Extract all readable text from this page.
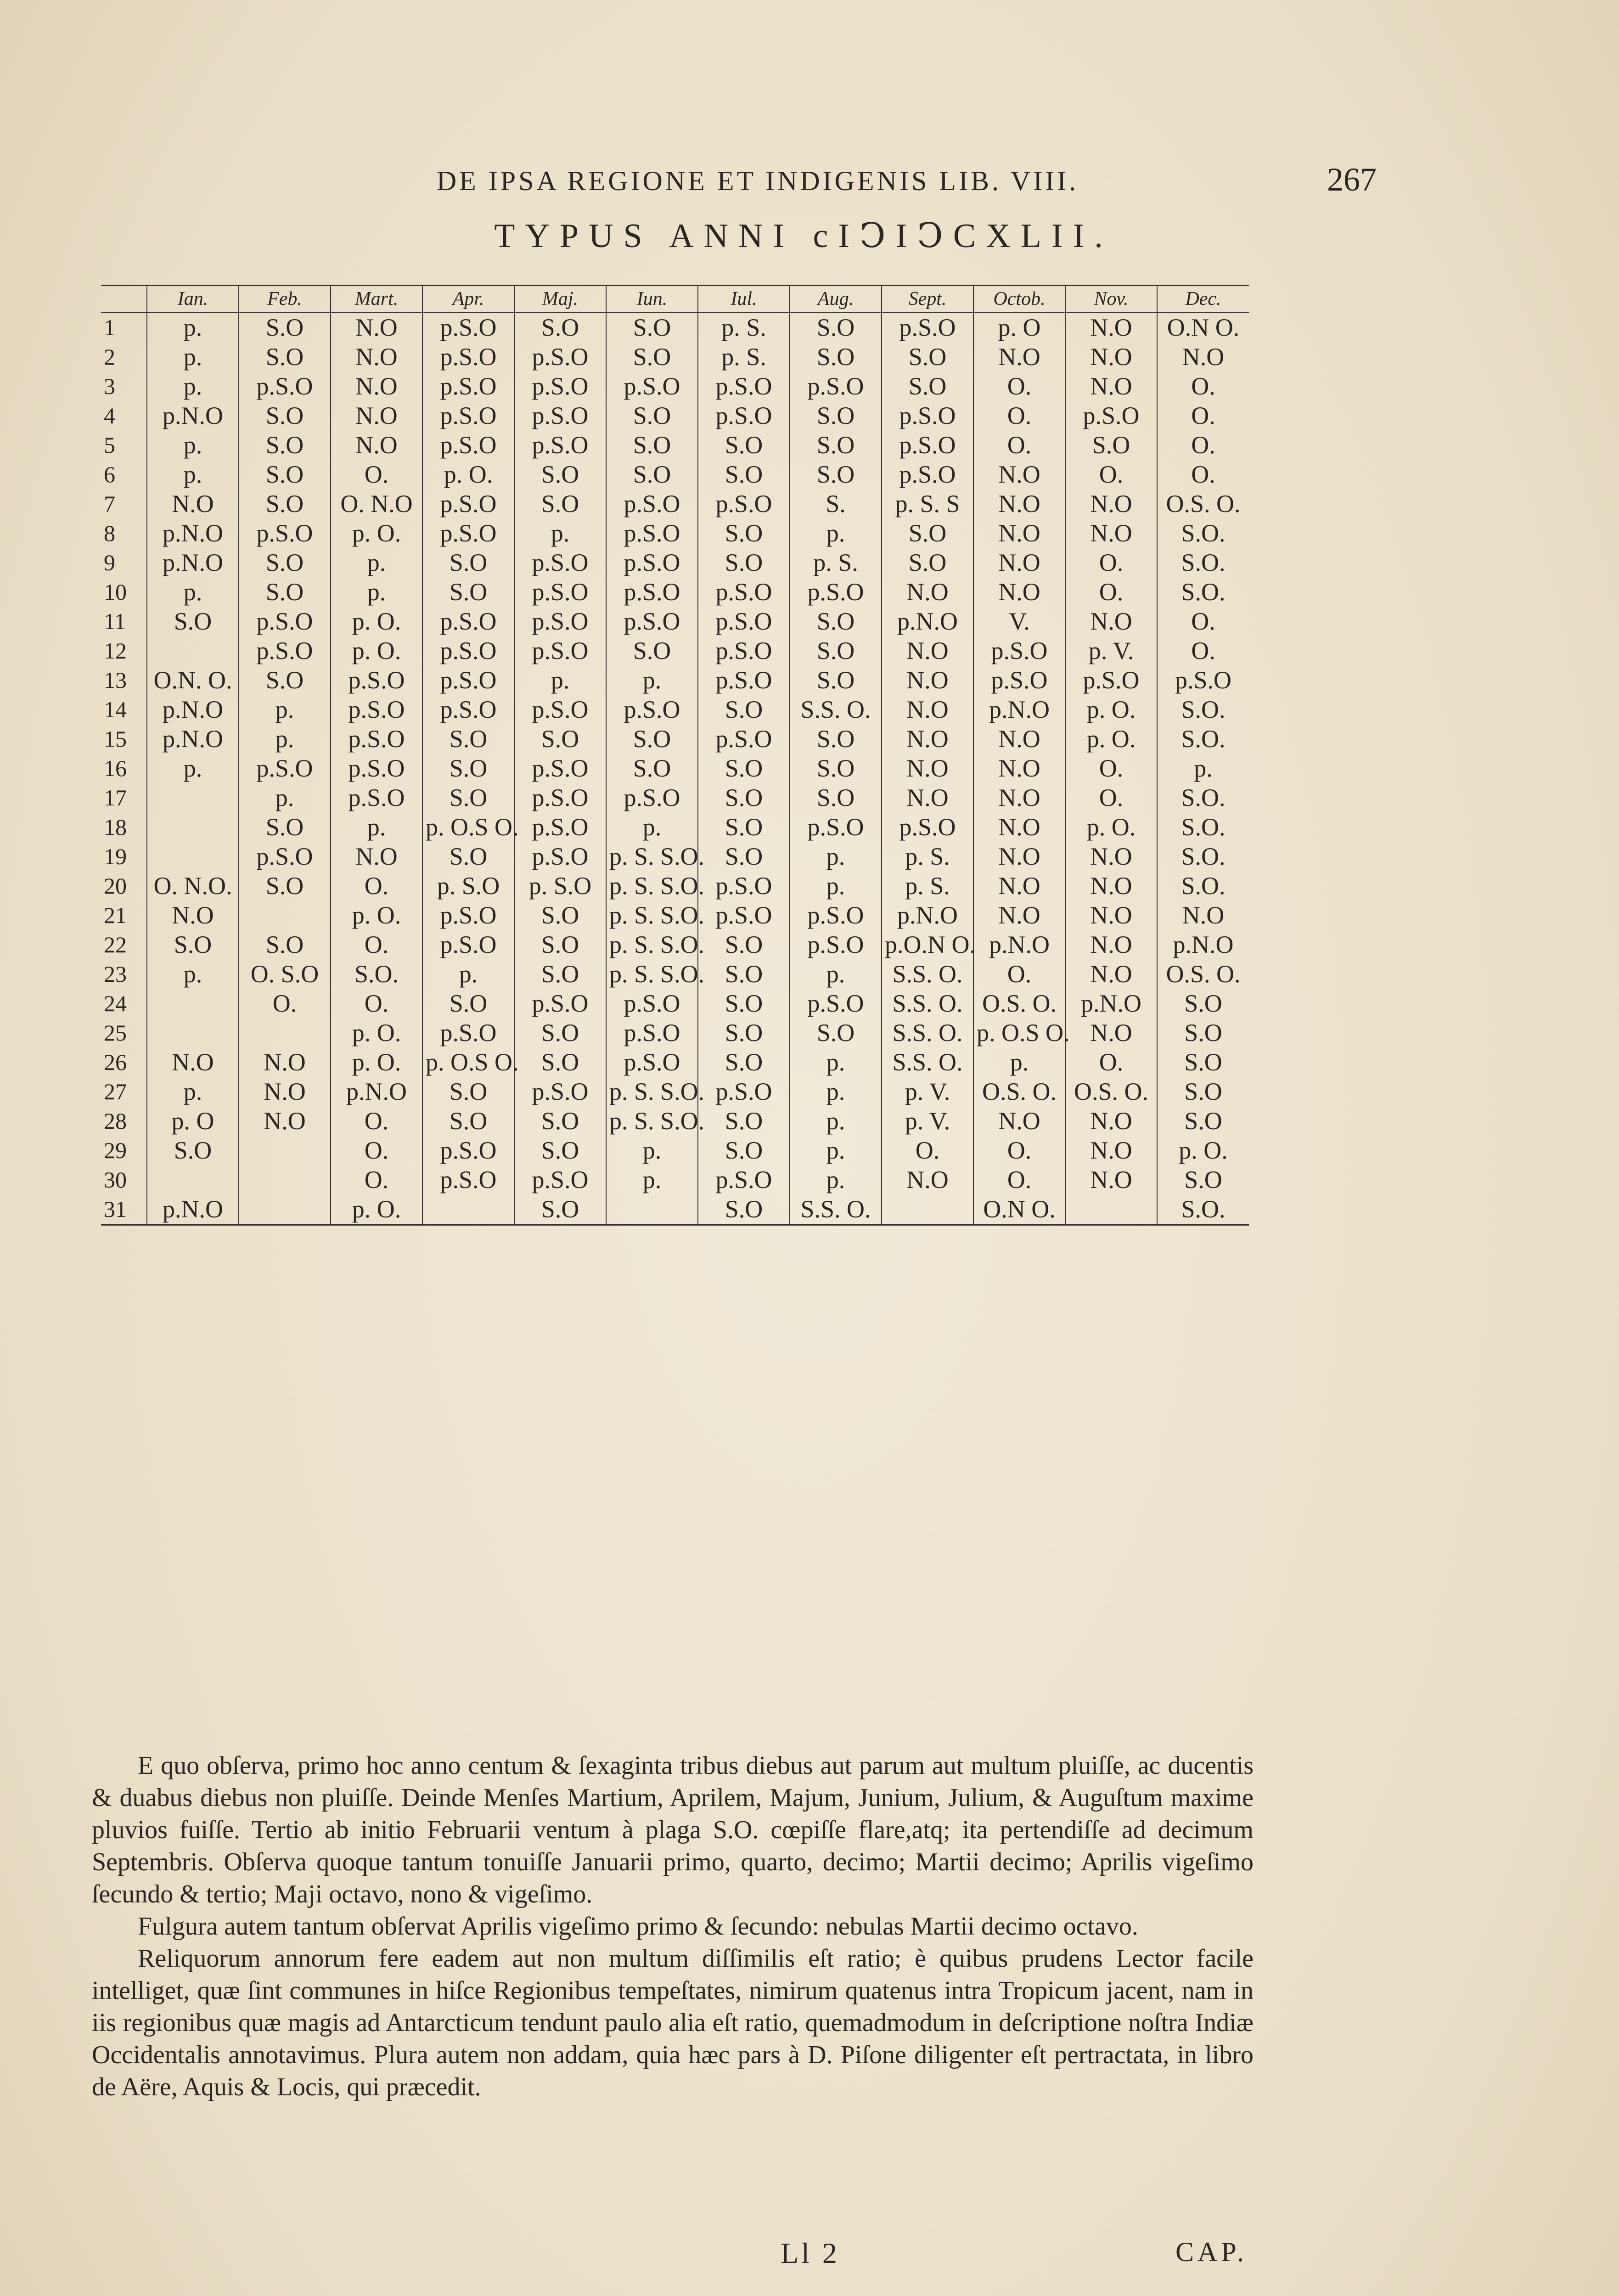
DE IPSA REGIONE ET INDIGENIS LIB. VIII.	267
TYPUS ANNI cIↃIↃCXLII.
	Ian.	Feb.	Mart.	Apr.	Maj.	Iun.	Iul.	Aug.	Sept.	Octob.	Nov.	Dec.
1	p.	S.O	N.O	p.S.O	S.O	S.O	p. S.	S.O	p.S.O	p. O	N.O	O.N O.
2	p.	S.O	N.O	p.S.O	p.S.O	S.O	p. S.	S.O	S.O	N.O	N.O	N.O
3	p.	p.S.O	N.O	p.S.O	p.S.O	p.S.O	p.S.O	p.S.O	S.O	O.	N.O	O.
4	p.N.O	S.O	N.O	p.S.O	p.S.O	S.O	p.S.O	S.O	p.S.O	O.	p.S.O	O.
5	p.	S.O	N.O	p.S.O	p.S.O	S.O	S.O	S.O	p.S.O	O.	S.O	O.
6	p.	S.O	O.	p. O.	S.O	S.O	S.O	S.O	p.S.O	N.O	O.	O.
7	N.O	S.O	O. N.O	p.S.O	S.O	p.S.O	p.S.O	S.	p. S. S	N.O	N.O	O.S. O.
8	p.N.O	p.S.O	p. O.	p.S.O	p.	p.S.O	S.O	p.	S.O	N.O	N.O	S.O.
9	p.N.O	S.O	p.	S.O	p.S.O	p.S.O	S.O	p. S.	S.O	N.O	O.	S.O.
10	p.	S.O	p.	S.O	p.S.O	p.S.O	p.S.O	p.S.O	N.O	N.O	O.	S.O.
11	S.O	p.S.O	p. O.	p.S.O	p.S.O	p.S.O	p.S.O	S.O	p.N.O	V.	N.O	O.
12		p.S.O	p. O.	p.S.O	p.S.O	S.O	p.S.O	S.O	N.O	p.S.O	p. V.	O.
13	O.N. O.	S.O	p.S.O	p.S.O	p.	p.	p.S.O	S.O	N.O	p.S.O	p.S.O	p.S.O
14	p.N.O	p.	p.S.O	p.S.O	p.S.O	p.S.O	S.O	S.S. O.	N.O	p.N.O	p. O.	S.O.
15	p.N.O	p.	p.S.O	S.O	S.O	S.O	p.S.O	S.O	N.O	N.O	p. O.	S.O.
16	p.	p.S.O	p.S.O	S.O	p.S.O	S.O	S.O	S.O	N.O	N.O	O.	p.
17		p.	p.S.O	S.O	p.S.O	p.S.O	S.O	S.O	N.O	N.O	O.	S.O.
18		S.O	p.	p. O.S O.	p.S.O	p.	S.O	p.S.O	p.S.O	N.O	p. O.	S.O.
19		p.S.O	N.O	S.O	p.S.O	p. S. S.O.	S.O	p.	p. S.	N.O	N.O	S.O.
20	O. N.O.	S.O	O.	p. S.O	p. S.O	p. S. S.O.	p.S.O	p.	p. S.	N.O	N.O	S.O.
21	N.O		p. O.	p.S.O	S.O	p. S. S.O.	p.S.O	p.S.O	p.N.O	N.O	N.O	N.O
22	S.O	S.O	O.	p.S.O	S.O	p. S. S.O.	S.O	p.S.O	p.O.N O.	p.N.O	N.O	p.N.O
23	p.	O. S.O	S.O.	p.	S.O	p. S. S.O.	S.O	p.	S.S. O.	O.	N.O	O.S. O.
24		O.	O.	S.O	p.S.O	p.S.O	S.O	p.S.O	S.S. O.	O.S. O.	p.N.O	S.O
25			p. O.	p.S.O	S.O	p.S.O	S.O	S.O	S.S. O.	p. O.S O.	N.O	S.O
26	N.O	N.O	p. O.	p. O.S O.	S.O	p.S.O	S.O	p.	S.S. O.	p.	O.	S.O
27	p.	N.O	p.N.O	S.O	p.S.O	p. S. S.O.	p.S.O	p.	p. V.	O.S. O.	O.S. O.	S.O
28	p. O	N.O	O.	S.O	S.O	p. S. S.O.	S.O	p.	p. V.	N.O	N.O	S.O
29	S.O		O.	p.S.O	S.O	p.	S.O	p.	O.	O.	N.O	p. O.
30			O.	p.S.O	p.S.O	p.	p.S.O	p.	N.O	O.	N.O	S.O
31	p.N.O		p. O.		S.O		S.O	S.S. O.		O.N O.		S.O.

E quo obſerva, primo hoc anno centum & ſexaginta tribus diebus aut parum aut multum pluiſſe, ac ducentis & duabus diebus non pluiſſe. Deinde Menſes Martium, Aprilem, Majum, Junium, Julium, & Auguſtum maxime pluvios fuiſſe. Tertio ab initio Februarii ventum à plaga S.O. cœpiſſe flare,atq; ita pertendiſſe ad decimum Septembris. Obſerva quoque tantum tonuiſſe Januarii primo, quarto, decimo; Martii decimo; Aprilis vigeſimo ſecundo & tertio; Maji octavo, nono & vigeſimo.

Fulgura autem tantum obſervat Aprilis vigeſimo primo & ſecundo: nebulas Martii decimo octavo.

Reliquorum annorum fere eadem aut non multum diſſimilis eſt ratio; è quibus prudens Lector facile intelliget, quæ ſint communes in hiſce Regionibus tempeſtates, nimirum quatenus intra Tropicum jacent, nam in iis regionibus quæ magis ad Antarcticum tendunt paulo alia eſt ratio, quemadmodum in deſcriptione noſtra Indiæ Occidentalis annotavimus. Plura autem non addam, quia hæc pars à D. Piſone diligenter eſt pertractata, in libro de Aëre, Aquis & Locis, qui præcedit.

Ll 2	CAP.
